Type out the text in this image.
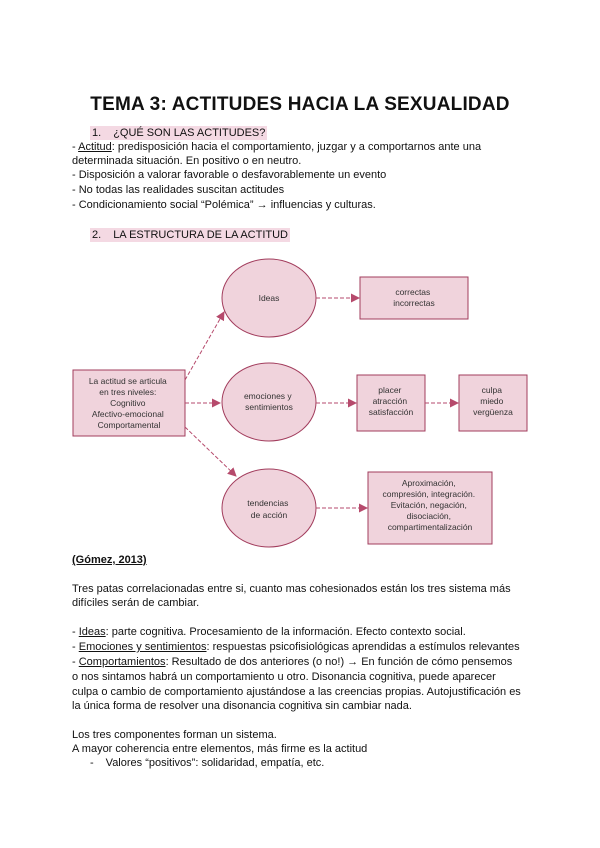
TEMA 3: ACTITUDES HACIA LA SEXUALIDAD
1. ¿QUÉ SON LAS ACTITUDES?
- Actitud: predisposición hacia el comportamiento, juzgar y a comportarnos ante una
determinada situación. En positivo o en neutro.
- Disposición a valorar favorable o desfavorablemente un evento
- No todas las realidades suscitan actitudes
- Condicionamiento social “Polémica” → influencias y culturas.
2. LA ESTRUCTURA DE LA ACTITUD
La actitud se articula en tres niveles: Cognitivo Afectivo-emocional Comportamental
Ideas
emociones y sentimientos
tendencias de acción
correctas incorrectas
placer atracción satisfacción
culpa miedo vergüenza
Aproximación, compresión, integración. Evitación, negación, disociación, compartimentalización
(Gómez, 2013)
Tres patas correlacionadas entre si, cuanto mas cohesionados están los tres sistema más
difíciles serán de cambiar.
- Ideas: parte cognitiva. Procesamiento de la información. Efecto contexto social.
- Emociones y sentimientos: respuestas psicofisiológicas aprendidas a estímulos relevantes
- Comportamientos: Resultado de dos anteriores (o no!) → En función de cómo pensemos
o nos sintamos habrá un comportamiento u otro. Disonancia cognitiva, puede aparecer
culpa o cambio de comportamiento ajustándose a las creencias propias. Autojustificación es
la única forma de resolver una disonancia cognitiva sin cambiar nada.
Los tres componentes forman un sistema.
A mayor coherencia entre elementos, más firme es la actitud
- Valores “positivos”: solidaridad, empatía, etc.
